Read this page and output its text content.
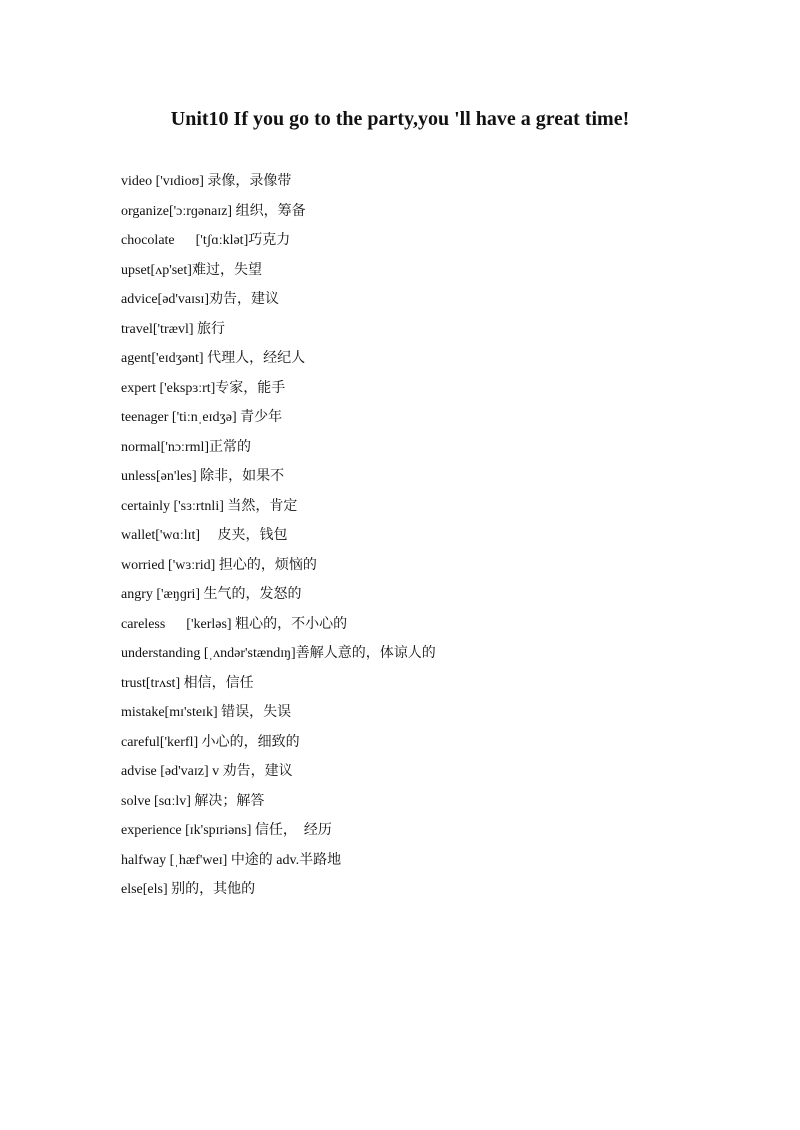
Unit10 If you go to the party,you 'll have a great time!
video ['vɪdioʊ] 录像，录像带
organize['ɔːrɡənaɪz] 组织，筹备
chocolate      ['tʃɑːklət]巧克力
upset[ʌp'set]难过，失望
advice[əd'vaɪsɪ]劝告，建议
travel['trævl] 旅行
agent['eɪdʒənt] 代理人，经纪人
expert ['ekspɜːrt]专家，能手
teenager ['tiːnˌeɪdʒə] 青少年
normal['nɔːrml]正常的
unless[ən'les] 除非，如果不
certainly ['sɜːrtnli] 当然，肯定
wallet['wɑːlɪt]     皮夹，钱包
worried ['wɜːrid] 担心的，烦恼的
angry ['æŋɡri] 生气的，发怒的
careless      ['kerləs] 粗心的，不小心的
understanding [ˌʌndər'stændɪŋ]善解人意的，体谅人的
trust[trʌst] 相信，信任
mistake[mɪ'steɪk] 错误，失误
careful['kerfl] 小心的，细致的
advise [əd'vaɪz] v 劝告，建议
solve [sɑːlv] 解决；解答
experience [ɪk'spɪriəns] 信任，  经历
halfway [ˌhæf'weɪ] 中途的 adv.半路地
else[els] 别的，其他的
